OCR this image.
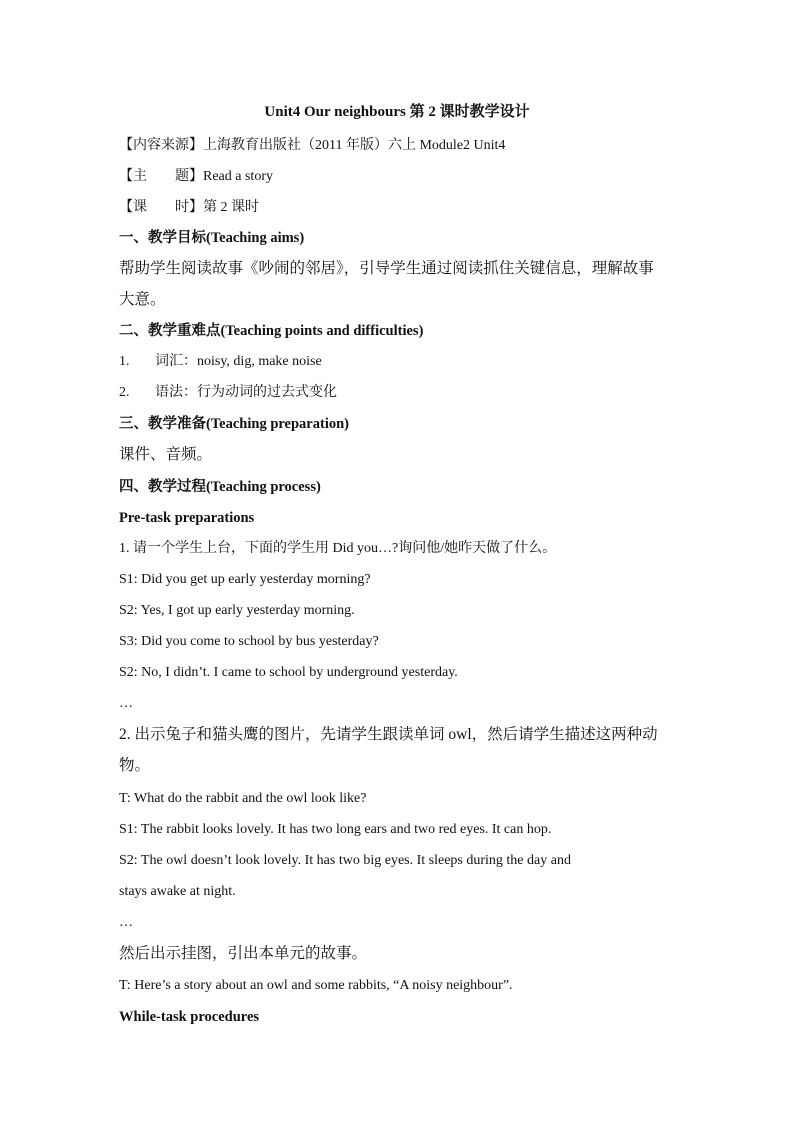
Unit4 Our neighbours 第 2 课时教学设计
【内容来源】上海教育出版社（2011 年版）六上 Module2 Unit4
【主　　题】Read a story
【课　　时】第 2 课时
一、教学目标(Teaching aims)
帮助学生阅读故事《吵闹的邻居》，引导学生通过阅读抓住关键信息，理解故事
大意。
二、教学重难点(Teaching points and difficulties)
1. 词汇：noisy, dig, make noise
2. 语法：行为动词的过去式变化
三、教学准备(Teaching preparation)
课件、音频。
四、教学过程(Teaching process)
Pre-task preparations
1. 请一个学生上台，下面的学生用 Did you…?询问他/她昨天做了什么。
S1: Did you get up early yesterday morning?
S2: Yes, I got up early yesterday morning.
S3: Did you come to school by bus yesterday?
S2: No, I didn’t. I came to school by underground yesterday.
…
2. 出示兔子和猫头鹰的图片，先请学生跟读单词 owl，然后请学生描述这两种动
物。
T: What do the rabbit and the owl look like?
S1: The rabbit looks lovely. It has two long ears and two red eyes. It can hop.
S2: The owl doesn’t look lovely. It has two big eyes. It sleeps during the day and
stays awake at night.
…
然后出示挂图，引出本单元的故事。
T: Here’s a story about an owl and some rabbits, “A noisy neighbour”.
While-task procedures
